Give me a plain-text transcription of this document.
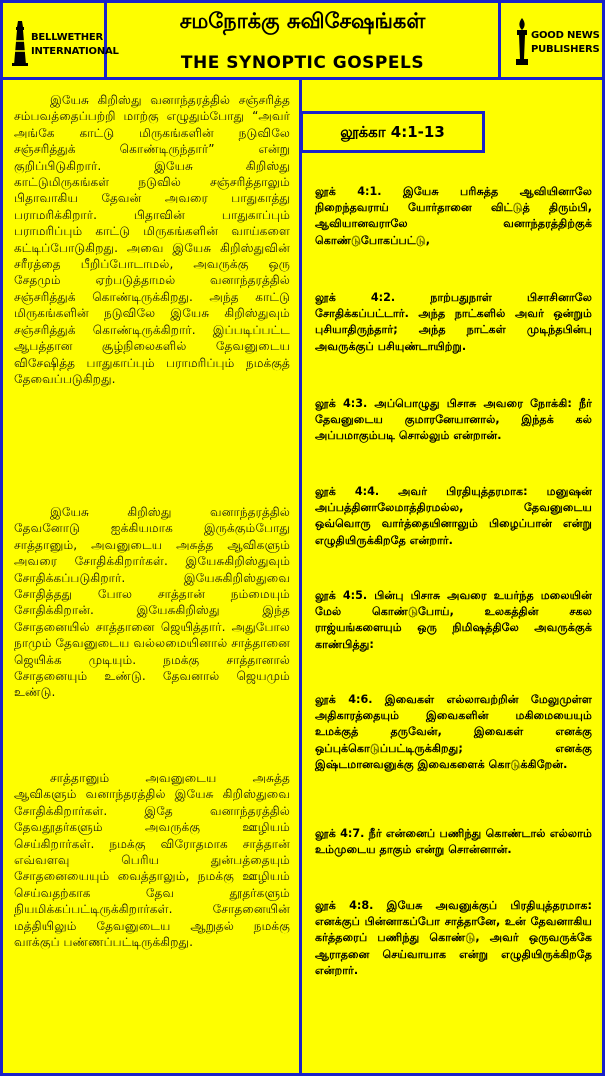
BELLWETHER
INTERNATIONAL
சமநோக்கு சுவிசேஷங்கள்
THE SYNOPTIC GOSPELS
GOOD NEWS
PUBLISHERS

இயேசு கிறிஸ்து வனாந்தரத்தில் சஞ்சரித்த சம்பவத்தைப்பற்றி மாற்கு எழுதும்போது “அவர் அங்கே காட்டு மிருகங்களின் நடுவிலே சஞ்சரித்துக் கொண்டிருந்தார்” என்று குறிப்பிடுகிறார். இயேசு கிறிஸ்து காட்டுமிருகங்கள் நடுவில் சஞ்சரித்தாலும் பிதாவாகிய தேவன் அவரை பாதுகாத்து பராமரிக்கிறார். பிதாவின் பாதுகாப்பும் பராமரிப்பும் காட்டு மிருகங்களின் வாய்களை கட்டிப்போடுகிறது. அவை இயேசு கிறிஸ்துவின் சரீரத்தை பீறிப்போடாமல், அவருக்கு ஒரு சேதமும் ஏற்படுத்தாமல் வனாந்தரத்தில் சஞ்சரித்துக் கொண்டிருக்கிறது. அந்த காட்டு மிருகங்களின் நடுவிலே இயேசு கிறிஸ்துவும் சஞ்சரித்துக் கொண்டிருக்கிறார். இப்படிப்பட்ட ஆபத்தான சூழ்நிலைகளில் தேவனுடைய விசேஷித்த பாதுகாப்பும் பராமரிப்பும் நமக்குத் தேவைப்படுகிறது.

இயேசு கிறிஸ்து வனாந்தரத்தில் தேவனோடு ஐக்கியமாக இருக்கும்போது சாத்தானும், அவனுடைய அசுத்த ஆவிகளும் அவரை சோதிக்கிறார்கள். இயேசுகிறிஸ்துவும் சோதிக்கப்படுகிறார். இயேசுகிறிஸ்துவை சோதித்தது போல சாத்தான் நம்மையும் சோதிக்கிறான். இயேசுகிறிஸ்து இந்த சோதனையில் சாத்தானை ஜெயித்தார். அதுபோல நாமும் தேவனுடைய வல்லமையினால் சாத்தானை ஜெயிக்க முடியும். நமக்கு சாத்தானால் சோதனையும் உண்டு. தேவனால் ஜெயமும் உண்டு.

சாத்தானும் அவனுடைய அசுத்த ஆவிகளும் வனாந்தரத்தில் இயேசு கிறிஸ்துவை சோதிக்கிறார்கள். இதே வனாந்தரத்தில் தேவதூதர்களும் அவருக்கு ஊழியம் செய்கிறார்கள். நமக்கு விரோதமாக சாத்தான் எவ்வளவு பெரிய துன்பத்தையும் சோதனையையும் வைத்தாலும், நமக்கு ஊழியம் செய்வதற்காக தேவ தூதர்களும் நியமிக்கப்பட்டிருக்கிறார்கள். சோதனையின் மத்தியிலும் தேவனுடைய ஆறுதல் நமக்கு வாக்குப் பண்ணப்பட்டிருக்கிறது.

லூக்கா 4:1-13

லூக் 4:1. இயேசு பரிசுத்த ஆவியினாலே நிறைந்தவராய் யோர்தானை விட்டுத் திரும்பி, ஆவியானவராலே வனாந்தரத்திற்குக் கொண்டுபோகப்பட்டு,

லூக் 4:2. நாற்பதுநாள் பிசாசினாலே சோதிக்கப்பட்டார். அந்த நாட்களில் அவர் ஒன்றும் புசியாதிருந்தார்; அந்த நாட்கள் முடிந்தபின்பு அவருக்குப் பசியுண்டாயிற்று.

லூக் 4:3. அப்பொழுது பிசாசு அவரை நோக்கி: நீர் தேவனுடைய குமாரனேயானால், இந்தக் கல் அப்பமாகும்படி சொல்லும் என்றான்.

லூக் 4:4. அவர் பிரதியுத்தரமாக: மனுஷன் அப்பத்தினாலேமாத்திரமல்ல, தேவனுடைய ஒவ்வொரு வார்த்தையினாலும் பிழைப்பான் என்று எழுதியிருக்கிறதே என்றார்.

லூக் 4:5. பின்பு பிசாசு அவரை உயர்ந்த மலையின் மேல் கொண்டுபோய், உலகத்தின் சகல ராஜ்யங்களையும் ஒரு நிமிஷத்திலே அவருக்குக் காண்பித்து:

லூக் 4:6. இவைகள் எல்லாவற்றின் மேலுமுள்ள அதிகாரத்தையும் இவைகளின் மகிமையையும் உமக்குத் தருவேன், இவைகள் எனக்கு ஒப்புக்கொடுப்பட்டிருக்கிறது; எனக்கு இஷ்டமானவனுக்கு இவைகளைக் கொடுக்கிறேன்.

லூக் 4:7. நீர் என்னைப் பணிந்து கொண்டால் எல்லாம் உம்முடைய தாகும் என்று சொன்னான்.

லூக் 4:8. இயேசு அவனுக்குப் பிரதியுத்தரமாக: எனக்குப் பின்னாகப்போ சாத்தானே, உன் தேவனாகிய கர்த்தரைப் பணிந்து கொண்டு, அவர் ஒருவருக்கே ஆராதனை செய்வாயாக என்று எழுதியிருக்கிறதே என்றார்.
